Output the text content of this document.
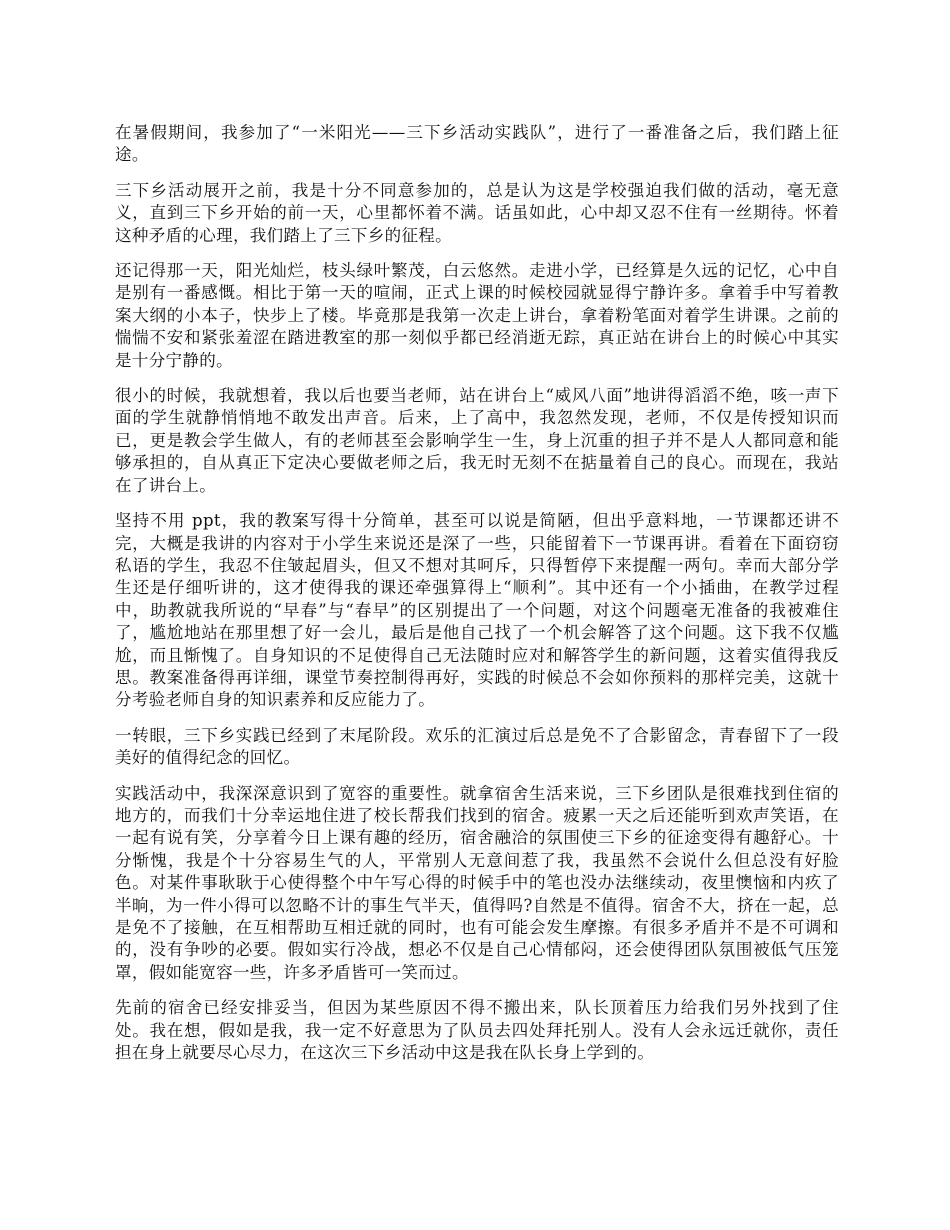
在暑假期间，我参加了“一米阳光——三下乡活动实践队”，进行了一番准备之后，我们踏上征途。

三下乡活动展开之前，我是十分不同意参加的，总是认为这是学校强迫我们做的活动，毫无意义，直到三下乡开始的前一天，心里都怀着不满。话虽如此，心中却又忍不住有一丝期待。怀着这种矛盾的心理，我们踏上了三下乡的征程。

还记得那一天，阳光灿烂，枝头绿叶繁茂，白云悠然。走进小学，已经算是久远的记忆，心中自是别有一番感慨。相比于第一天的喧闹，正式上课的时候校园就显得宁静许多。拿着手中写着教案大纲的小本子，快步上了楼。毕竟那是我第一次走上讲台，拿着粉笔面对着学生讲课。之前的惴惴不安和紧张羞涩在踏进教室的那一刻似乎都已经消逝无踪，真正站在讲台上的时候心中其实是十分宁静的。

很小的时候，我就想着，我以后也要当老师，站在讲台上“威风八面”地讲得滔滔不绝，咳一声下面的学生就静悄悄地不敢发出声音。后来，上了高中，我忽然发现，老师，不仅是传授知识而已，更是教会学生做人，有的老师甚至会影响学生一生，身上沉重的担子并不是人人都同意和能够承担的，自从真正下定决心要做老师之后，我无时无刻不在掂量着自己的良心。而现在，我站在了讲台上。

坚持不用 ppt，我的教案写得十分简单，甚至可以说是简陋，但出乎意料地，一节课都还讲不完，大概是我讲的内容对于小学生来说还是深了一些，只能留着下一节课再讲。看着在下面窃窃私语的学生，我忍不住皱起眉头，但又不想对其呵斥，只得暂停下来提醒一两句。幸而大部分学生还是仔细听讲的，这才使得我的课还牵强算得上“顺利”。其中还有一个小插曲，在教学过程中，助教就我所说的“早春”与“春早”的区别提出了一个问题，对这个问题毫无准备的我被难住了，尴尬地站在那里想了好一会儿，最后是他自己找了一个机会解答了这个问题。这下我不仅尴尬，而且惭愧了。自身知识的不足使得自己无法随时应对和解答学生的新问题，这着实值得我反思。教案准备得再详细，课堂节奏控制得再好，实践的时候总不会如你预料的那样完美，这就十分考验老师自身的知识素养和反应能力了。

一转眼，三下乡实践已经到了末尾阶段。欢乐的汇演过后总是免不了合影留念，青春留下了一段美好的值得纪念的回忆。

实践活动中，我深深意识到了宽容的重要性。就拿宿舍生活来说，三下乡团队是很难找到住宿的地方的，而我们十分幸运地住进了校长帮我们找到的宿舍。疲累一天之后还能听到欢声笑语，在一起有说有笑，分享着今日上课有趣的经历，宿舍融洽的氛围使三下乡的征途变得有趣舒心。十分惭愧，我是个十分容易生气的人，平常别人无意间惹了我，我虽然不会说什么但总没有好脸色。对某件事耿耿于心使得整个中午写心得的时候手中的笔也没办法继续动，夜里懊恼和内疚了半晌，为一件小得可以忽略不计的事生气半天，值得吗?自然是不值得。宿舍不大，挤在一起，总是免不了接触，在互相帮助互相迁就的同时，也有可能会发生摩擦。有很多矛盾并不是不可调和的，没有争吵的必要。假如实行冷战，想必不仅是自己心情郁闷，还会使得团队氛围被低气压笼罩，假如能宽容一些，许多矛盾皆可一笑而过。

先前的宿舍已经安排妥当，但因为某些原因不得不搬出来，队长顶着压力给我们另外找到了住处。我在想，假如是我，我一定不好意思为了队员去四处拜托别人。没有人会永远迁就你，责任担在身上就要尽心尽力，在这次三下乡活动中这是我在队长身上学到的。
